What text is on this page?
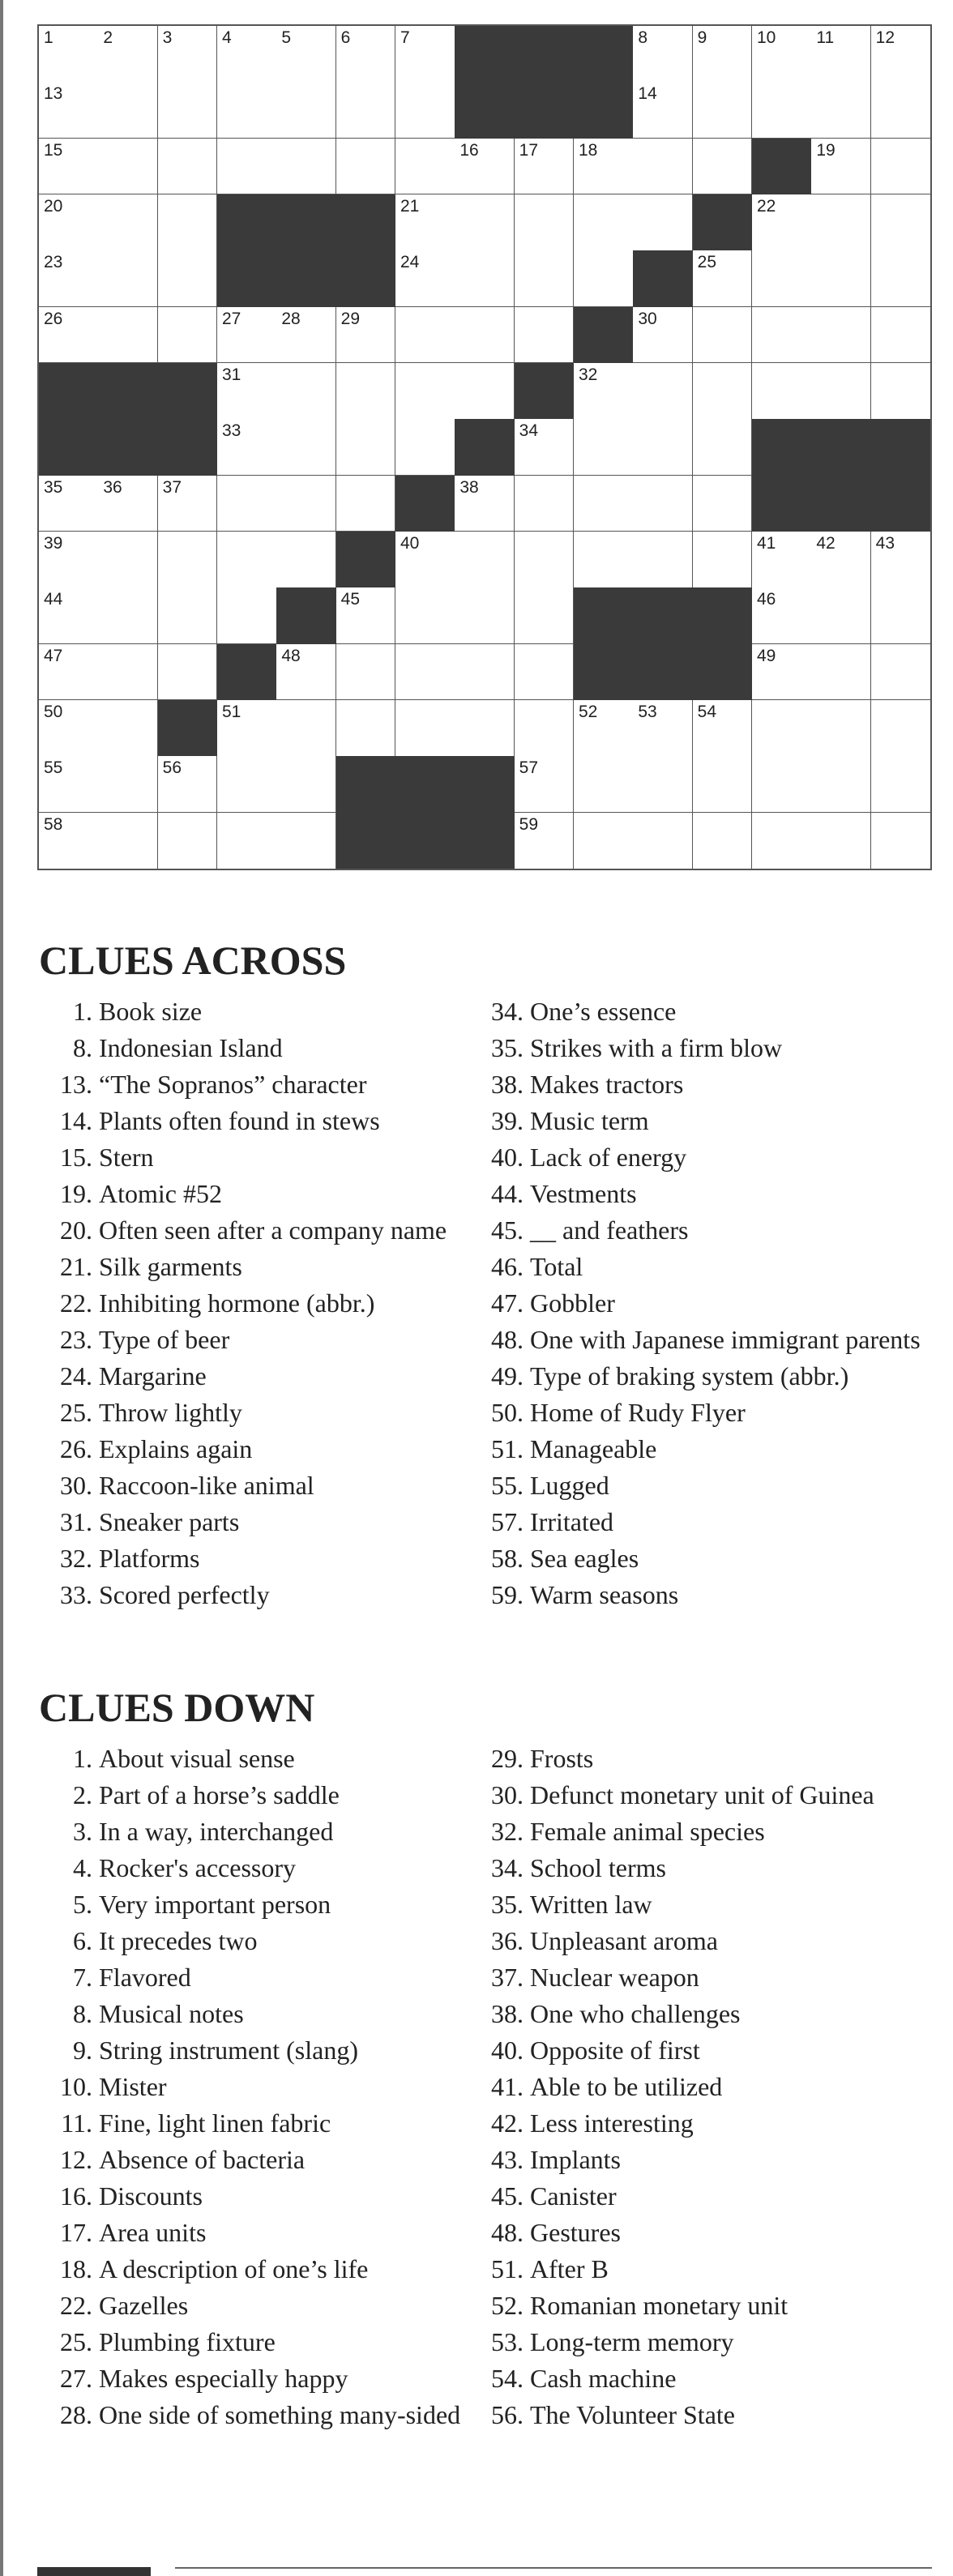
1	2	3	4	5	6	7	8	9	10 11 12
13	14
15	16 17 18	19
20	21	22
23	24	25
26	27 28 29	30
31	32
33	34
35 36 37	38
39	40	41 42 43
44	45	46
47	48	49
50	51	52 53 54
55	56	57
58	59
CLUES ACROSS
1. Book size
8. Indonesian Island
13. “The Sopranos” character
14. Plants often found in stews
15. Stern
19. Atomic #52
20. Often seen after a company name
21. Silk garments
22. Inhibiting hormone (abbr.)
23. Type of beer
24. Margarine
25. Throw lightly
26. Explains again
30. Raccoon-like animal
31. Sneaker parts
32. Platforms
33. Scored perfectly
34. One’s essence
35. Strikes with a firm blow
38. Makes tractors
39. Music term
40. Lack of energy
44. Vestments
45. __ and feathers
46. Total
47. Gobbler
48. One with Japanese immigrant parents
49. Type of braking system (abbr.)
50. Home of Rudy Flyer
51. Manageable
55. Lugged
57. Irritated
58. Sea eagles
59. Warm seasons
CLUES DOWN
1. About visual sense
2. Part of a horse’s saddle
3. In a way, interchanged
4. Rocker's accessory
5. Very important person
6. It precedes two
7. Flavored
8. Musical notes
9. String instrument (slang)
10. Mister
11. Fine, light linen fabric
12. Absence of bacteria
16. Discounts
17. Area units
18. A description of one’s life
22. Gazelles
25. Plumbing fixture
27. Makes especially happy
28. One side of something many-sided
29. Frosts
30. Defunct monetary unit of Guinea
32. Female animal species
34. School terms
35. Written law
36. Unpleasant aroma
37. Nuclear weapon
38. One who challenges
40. Opposite of first
41. Able to be utilized
42. Less interesting
43. Implants
45. Canister
48. Gestures
51. After B
52. Romanian monetary unit
53. Long-term memory
54. Cash machine
56. The Volunteer State
